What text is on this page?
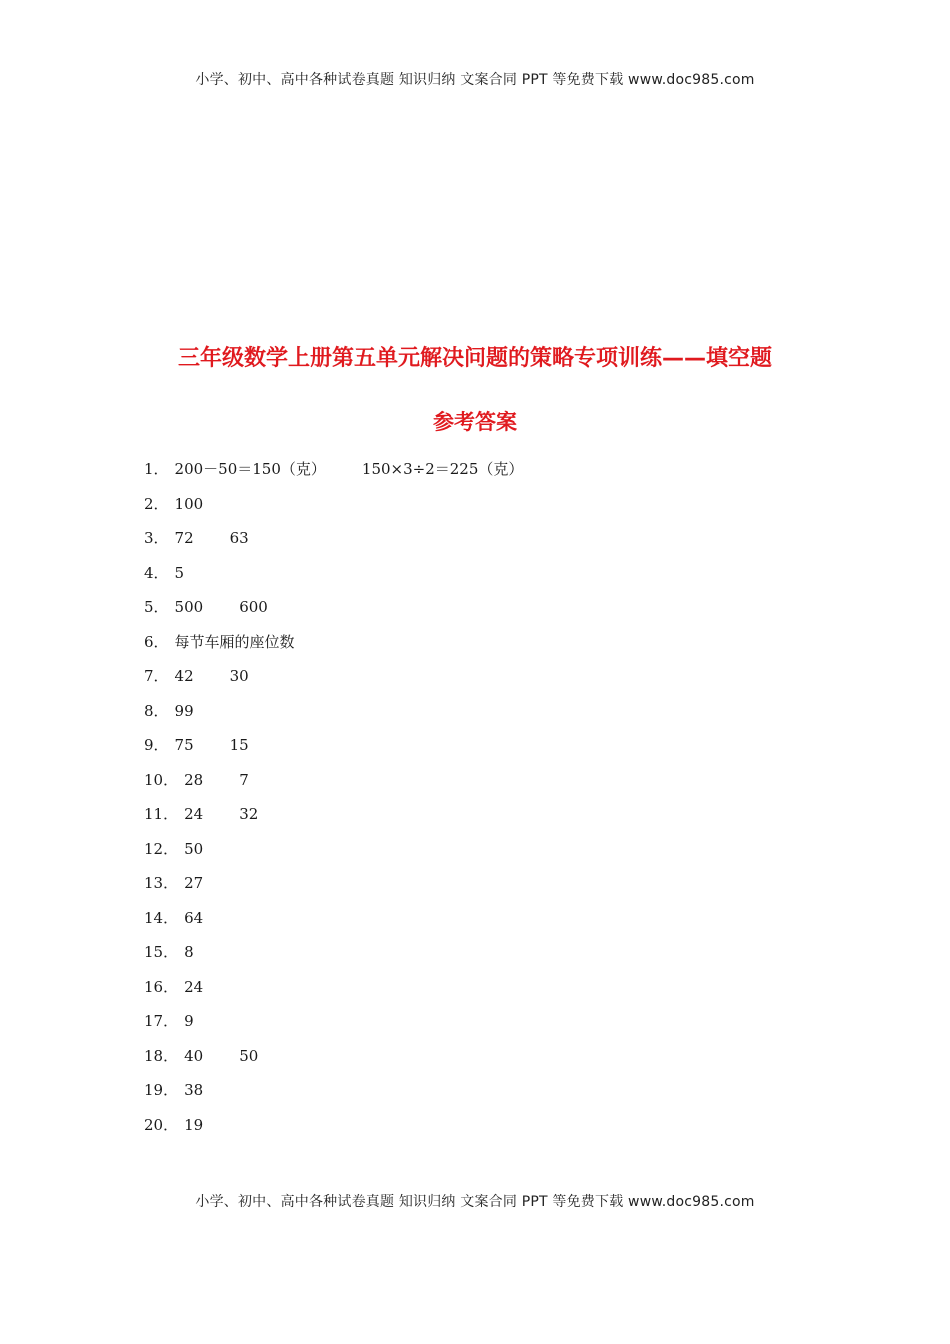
小学、初中、高中各种试卷真题 知识归纳 文案合同 PPT 等免费下载 www.doc985.com
三年级数学上册第五单元解决问题的策略专项训练——填空题
参考答案
1． 200－50＝150（克） 150×3÷2＝225（克）
2． 100
3． 72 63
4． 5
5． 500 600
6． 每节车厢的座位数
7． 42 30
8． 99
9． 75 15
10． 28 7
11． 24 32
12． 50
13． 27
14． 64
15． 8
16． 24
17． 9
18． 40 50
19． 38
20． 19
小学、初中、高中各种试卷真题 知识归纳 文案合同 PPT 等免费下载 www.doc985.com
